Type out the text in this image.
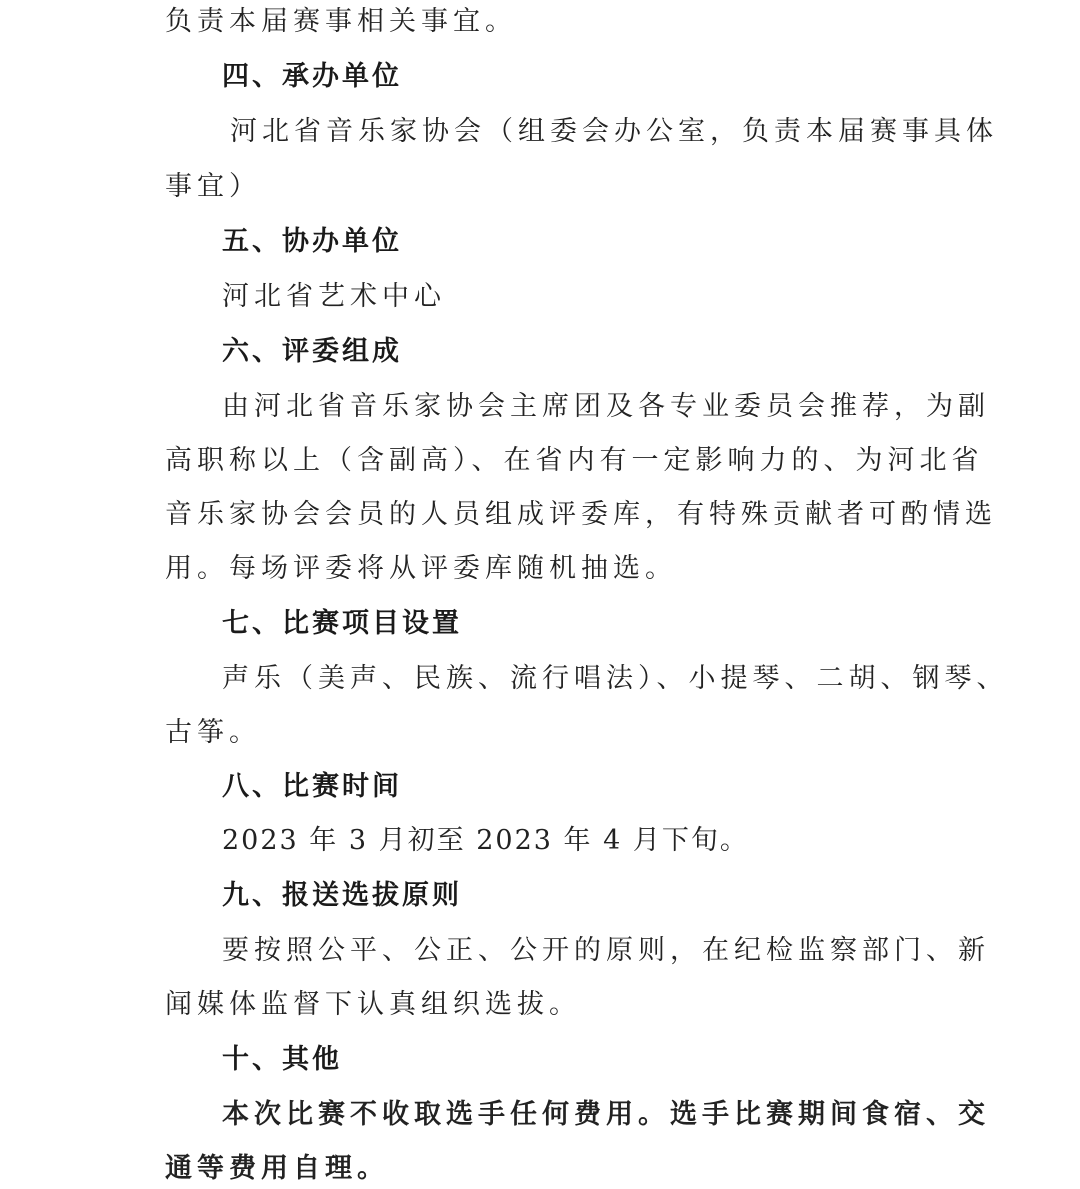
负责本届赛事相关事宜。
四、承办单位
河北省音乐家协会（组委会办公室，负责本届赛事具体
事宜）
五、协办单位
河北省艺术中心
六、评委组成
由河北省音乐家协会主席团及各专业委员会推荐，为副
高职称以上（含副高）、在省内有一定影响力的、为河北省
音乐家协会会员的人员组成评委库，有特殊贡献者可酌情选
用。每场评委将从评委库随机抽选。
七、比赛项目设置
声乐（美声、民族、流行唱法）、小提琴、二胡、钢琴、
古筝。
八、比赛时间
2023 年 3 月初至 2023 年 4 月下旬。
九、报送选拔原则
要按照公平、公正、公开的原则，在纪检监察部门、新
闻媒体监督下认真组织选拔。
十、其他
本次比赛不收取选手任何费用。选手比赛期间食宿、交
通等费用自理。
